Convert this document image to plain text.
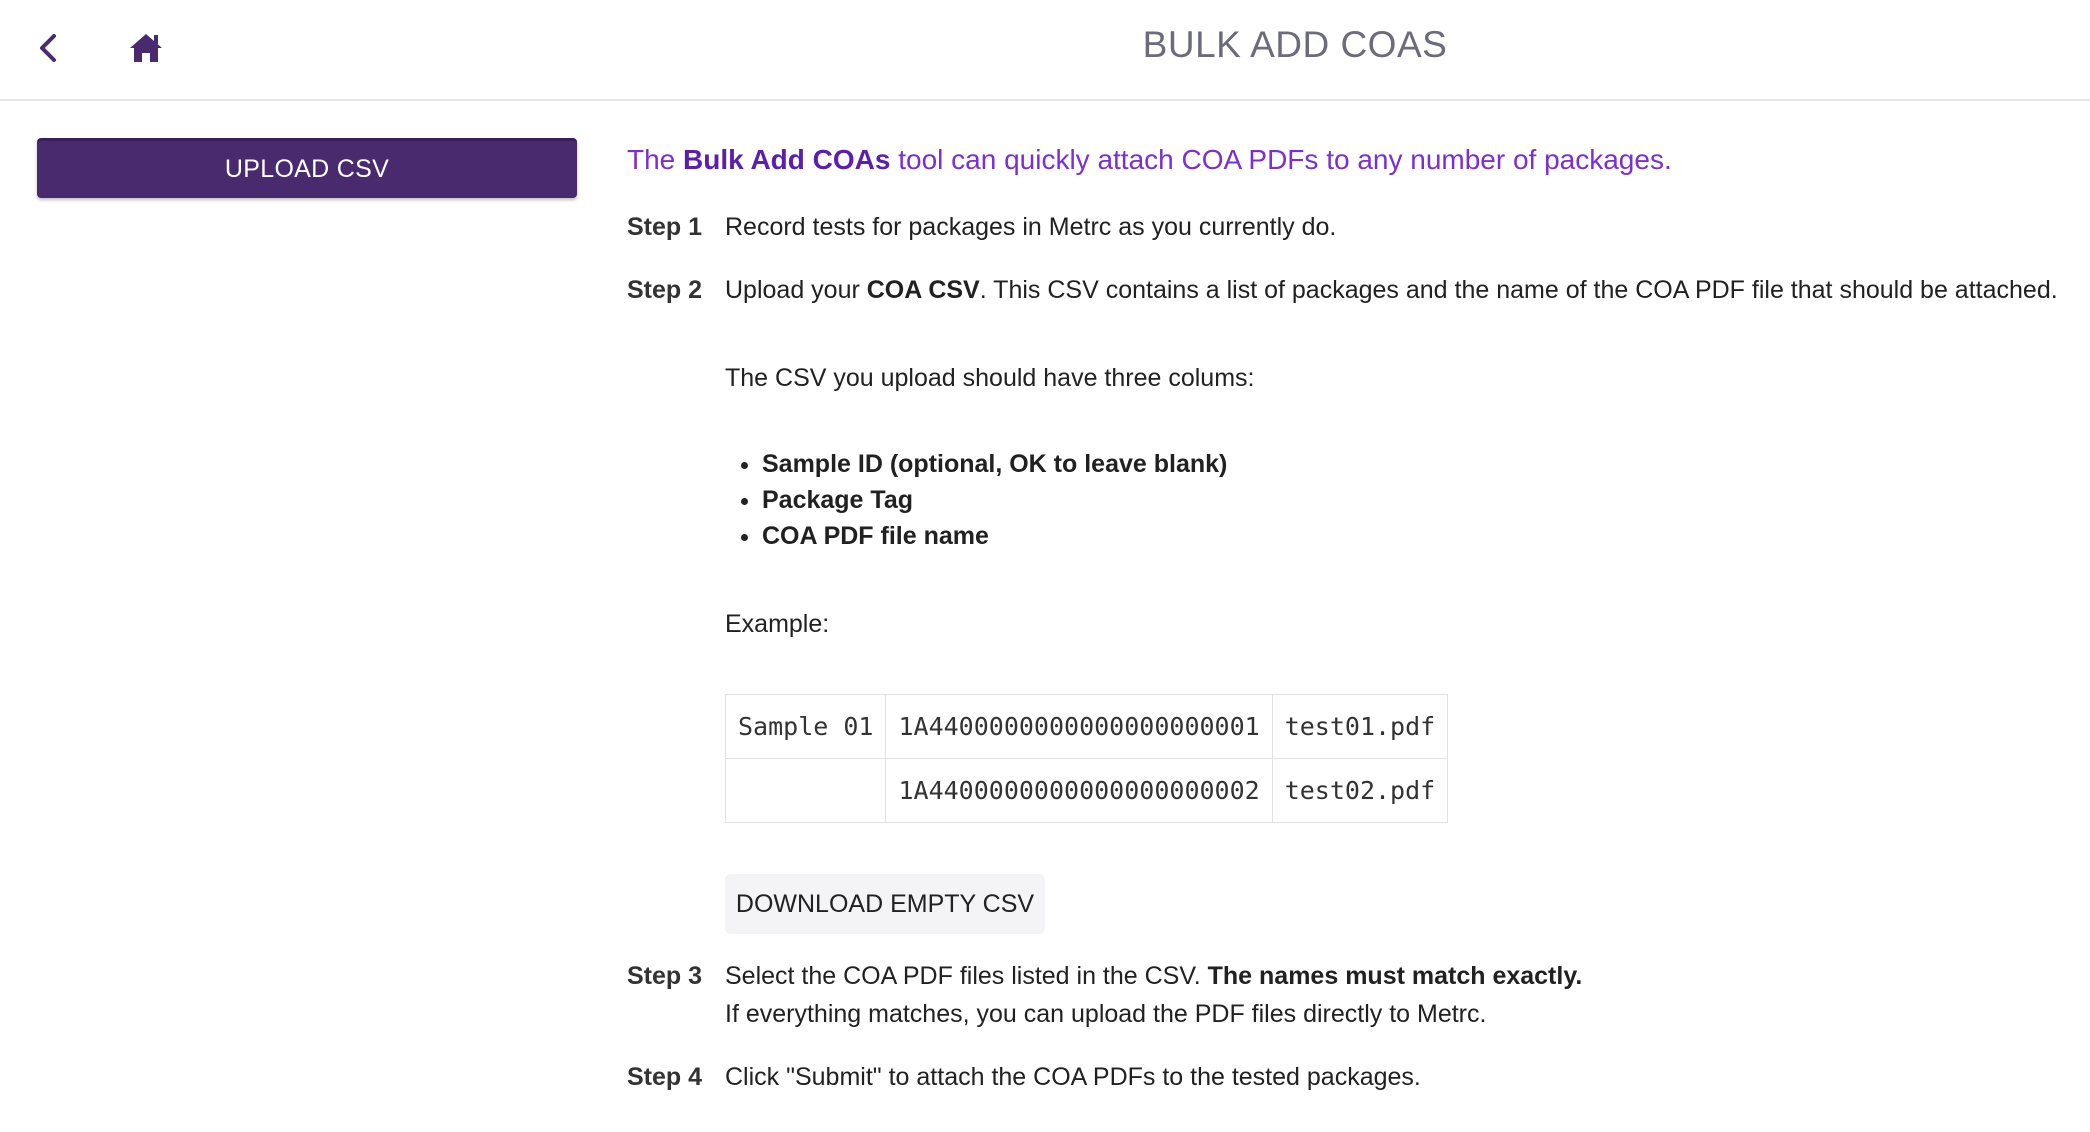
BULK ADD COAS
UPLOAD CSV	The Bulk Add COAs tool can quickly attach COA PDFs to any number of packages.
Step 1 Record tests for packages in Metrc as you currently do.
Step 2 Upload your COA CSV. This CSV contains a list of packages and the name of the COA PDF file that should be attached.
The CSV you upload should have three colums:
• Sample ID (optional, OK to leave blank)
• Package Tag
• COA PDF file name
Example:
Sample 01	1A4400000000000000000001	test01.pdf
	1A4400000000000000000002	test02.pdf
DOWNLOAD EMPTY CSV
Step 3 Select the COA PDF files listed in the CSV. The names must match exactly.
If everything matches, you can upload the PDF files directly to Metrc.
Step 4 Click "Submit" to attach the COA PDFs to the tested packages.
